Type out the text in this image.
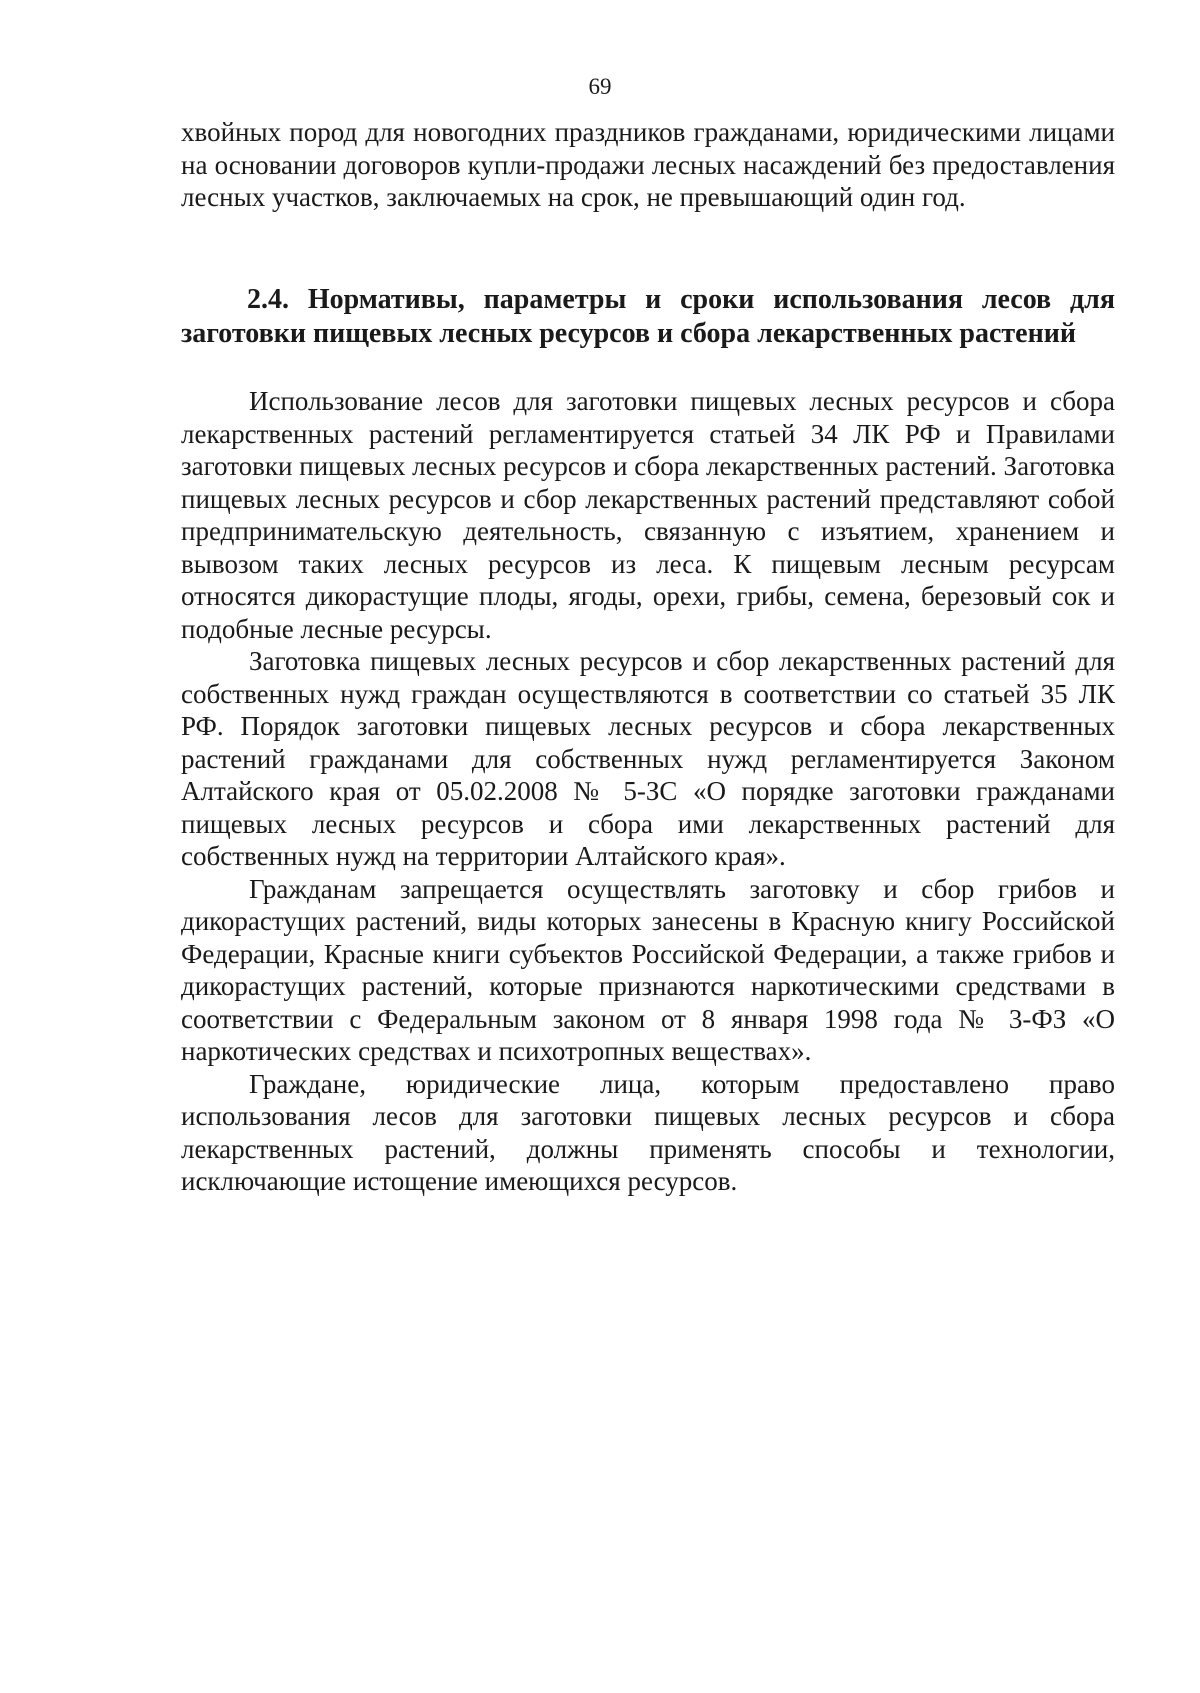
69

хвойных пород для новогодних праздников гражданами, юридическими лицами на основании договоров купли-продажи лесных насаждений без предоставления лесных участков, заключаемых на срок, не превышающий один год.

2.4. Нормативы, параметры и сроки использования лесов для заготовки пищевых лесных ресурсов и сбора лекарственных растений

Использование лесов для заготовки пищевых лесных ресурсов и сбора лекарственных растений регламентируется статьей 34 ЛК РФ и Правилами заготовки пищевых лесных ресурсов и сбора лекарственных растений. Заготовка пищевых лесных ресурсов и сбор лекарственных растений представляют собой предпринимательскую деятельность, связанную с изъятием, хранением и вывозом таких лесных ресурсов из леса. К пищевым лесным ресурсам относятся дикорастущие плоды, ягоды, орехи, грибы, семена, березовый сок и подобные лесные ресурсы.

Заготовка пищевых лесных ресурсов и сбор лекарственных растений для собственных нужд граждан осуществляются в соответствии со статьей 35 ЛК РФ. Порядок заготовки пищевых лесных ресурсов и сбора лекарственных растений гражданами для собственных нужд регламентируется Законом Алтайского края от 05.02.2008 № 5-ЗС «О порядке заготовки гражданами пищевых лесных ресурсов и сбора ими лекарственных растений для собственных нужд на территории Алтайского края».

Гражданам запрещается осуществлять заготовку и сбор грибов и дикорастущих растений, виды которых занесены в Красную книгу Российской Федерации, Красные книги субъектов Российской Федерации, а также грибов и дикорастущих растений, которые признаются наркотическими средствами в соответствии с Федеральным законом от 8 января 1998 года № 3-ФЗ «О наркотических средствах и психотропных веществах».

Граждане, юридические лица, которым предоставлено право использования лесов для заготовки пищевых лесных ресурсов и сбора лекарственных растений, должны применять способы и технологии, исключающие истощение имеющихся ресурсов.
